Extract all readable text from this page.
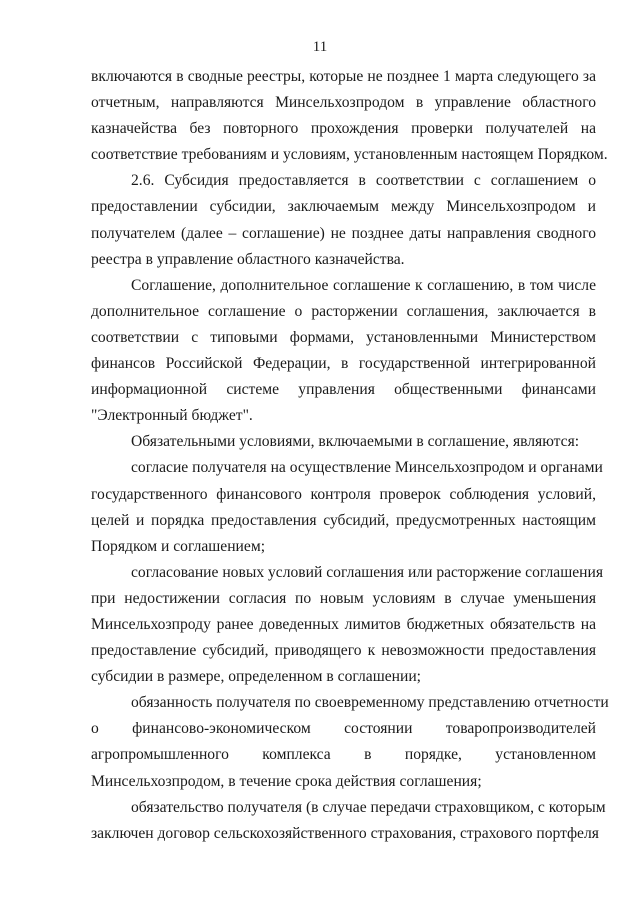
11
включаются в сводные реестры, которые не позднее 1 марта следующего за
отчетным, направляются Минсельхозпродом в управление областного
казначейства без повторного прохождения проверки получателей на
соответствие требованиям и условиям, установленным настоящем Порядком.
2.6. Субсидия предоставляется в соответствии с соглашением о
предоставлении субсидии, заключаемым между Минсельхозпродом и
получателем (далее – соглашение) не позднее даты направления сводного
реестра в управление областного казначейства.
Соглашение, дополнительное соглашение к соглашению, в том числе
дополнительное соглашение о расторжении соглашения, заключается в
соответствии с типовыми формами, установленными Министерством
финансов Российской Федерации, в государственной интегрированной
информационной системе управления общественными финансами
"Электронный бюджет".
Обязательными условиями, включаемыми в соглашение, являются:
согласие получателя на осуществление Минсельхозпродом и органами
государственного финансового контроля проверок соблюдения условий,
целей и порядка предоставления субсидий, предусмотренных настоящим
Порядком и соглашением;
согласование новых условий соглашения или расторжение соглашения
при недостижении согласия по новым условиям в случае уменьшения
Минсельхозпроду ранее доведенных лимитов бюджетных обязательств на
предоставление субсидий, приводящего к невозможности предоставления
субсидии в размере, определенном в соглашении;
обязанность получателя по своевременному представлению отчетности
о финансово-экономическом состоянии товаропроизводителей
агропромышленного комплекса в порядке, установленном
Минсельхозпродом, в течение срока действия соглашения;
обязательство получателя (в случае передачи страховщиком, с которым
заключен договор сельскохозяйственного страхования, страхового портфеля
